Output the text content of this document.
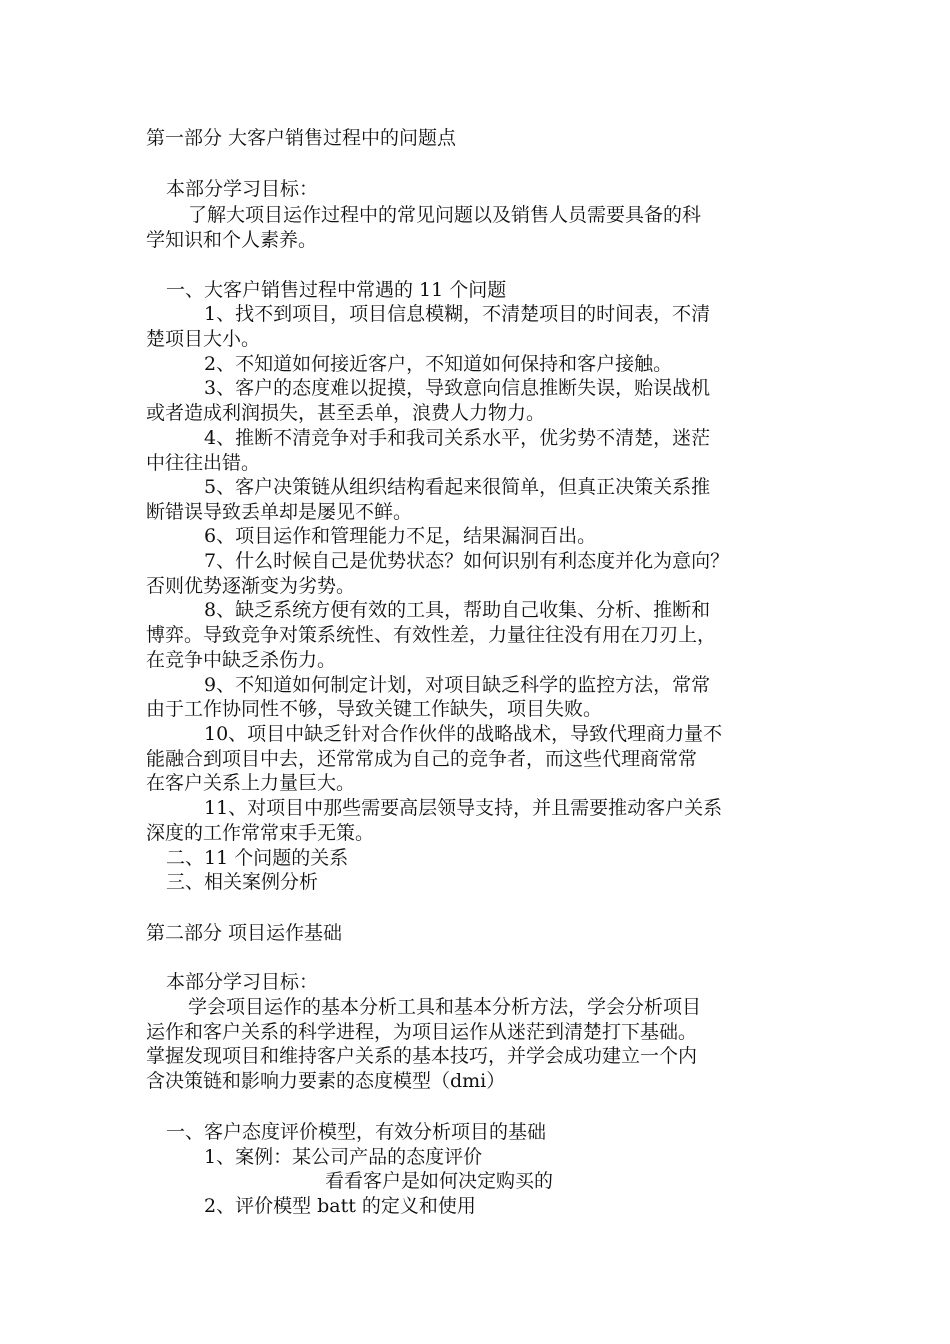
第一部分 大客户销售过程中的问题点
本部分学习目标：
了解大项目运作过程中的常见问题以及销售人员需要具备的科
学知识和个人素养。
一、大客户销售过程中常遇的 11 个问题
1、找不到项目，项目信息模糊，不清楚项目的时间表，不清
楚项目大小。
2、不知道如何接近客户，不知道如何保持和客户接触。
3、客户的态度难以捉摸，导致意向信息推断失误，贻误战机
或者造成利润损失，甚至丢单，浪费人力物力。
4、推断不清竞争对手和我司关系水平，优劣势不清楚，迷茫
中往往出错。
5、客户决策链从组织结构看起来很简单，但真正决策关系推
断错误导致丢单却是屡见不鲜。
6、项目运作和管理能力不足，结果漏洞百出。
7、什么时候自己是优势状态？如何识别有利态度并化为意向？
否则优势逐渐变为劣势。
8、缺乏系统方便有效的工具，帮助自己收集、分析、推断和
博弈。导致竞争对策系统性、有效性差，力量往往没有用在刀刃上，
在竞争中缺乏杀伤力。
9、不知道如何制定计划，对项目缺乏科学的监控方法，常常
由于工作协同性不够，导致关键工作缺失，项目失败。
10、项目中缺乏针对合作伙伴的战略战术，导致代理商力量不
能融合到项目中去，还常常成为自己的竞争者，而这些代理商常常
在客户关系上力量巨大。
11、对项目中那些需要高层领导支持，并且需要推动客户关系
深度的工作常常束手无策。
二、11 个问题的关系
三、相关案例分析
第二部分 项目运作基础
本部分学习目标：
学会项目运作的基本分析工具和基本分析方法，学会分析项目
运作和客户关系的科学进程，为项目运作从迷茫到清楚打下基础。
掌握发现项目和维持客户关系的基本技巧，并学会成功建立一个内
含决策链和影响力要素的态度模型（dmi）
一、客户态度评价模型，有效分析项目的基础
1、案例：某公司产品的态度评价
看看客户是如何决定购买的
2、评价模型 batt 的定义和使用
